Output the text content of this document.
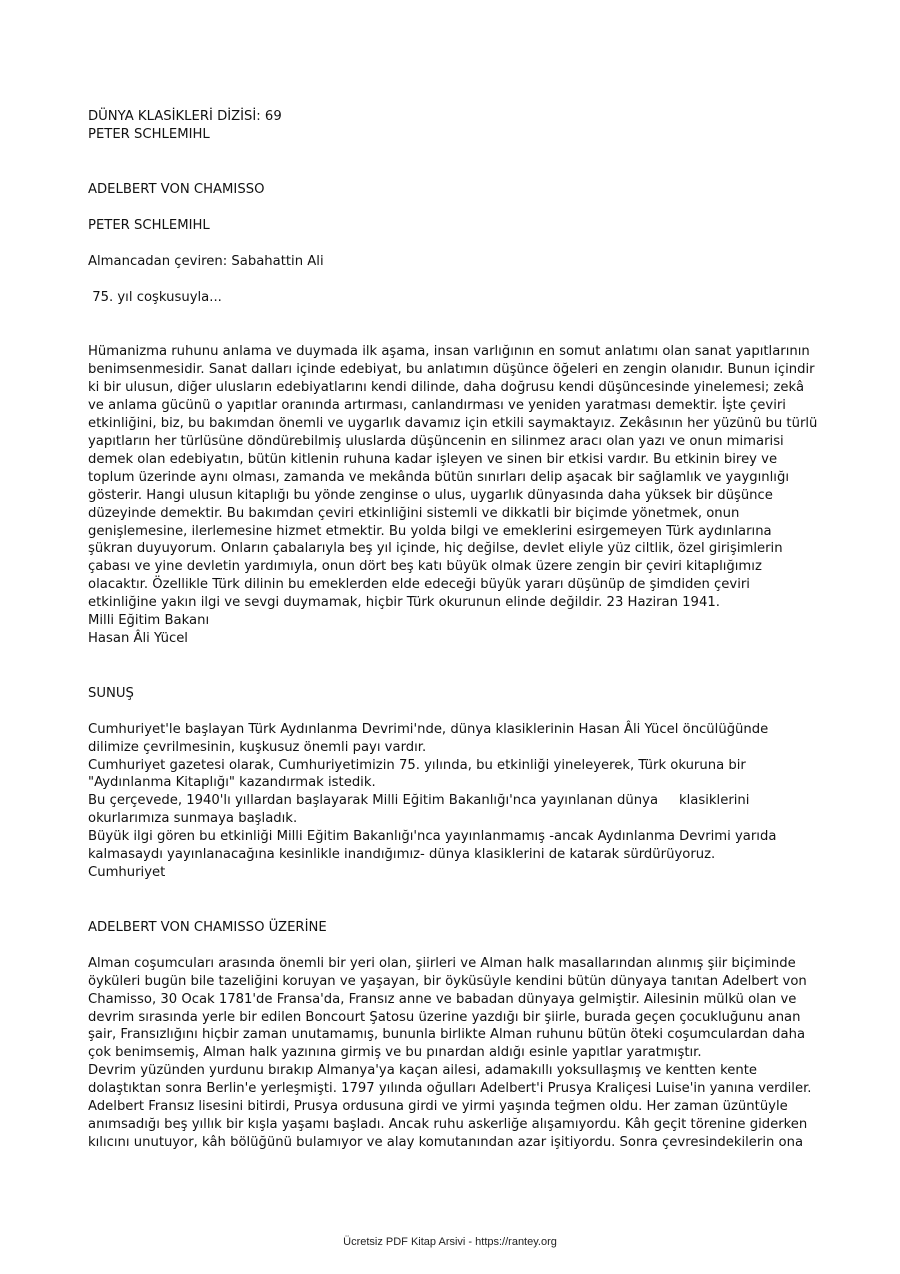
DÜNYA KLASİKLERİ DİZİSİ: 69

PETER SCHLEMIHL

ADELBERT VON CHAMISSO

PETER SCHLEMIHL

Almancadan çeviren: Sabahattin Ali

75. yıl coşkusuyla...

Hümanizma ruhunu anlama ve duymada ilk aşama, insan varlığının en somut anlatımı olan sanat yapıtlarının benimsenmesidir. Sanat dalları içinde edebiyat, bu anlatımın düşünce öğeleri en zengin olanıdır. Bunun içindir ki bir ulusun, diğer ulusların edebiyatlarını kendi dilinde, daha doğrusu kendi düşüncesinde yinelemesi; zekâ ve anlama gücünü o yapıtlar oranında artırması, canlandırması ve yeniden yaratması demektir. İşte çeviri etkinliğini, biz, bu bakımdan önemli ve uygarlık davamız için etkili saymaktayız. Zekâsının her yüzünü bu türlü yapıtların her türlüsüne döndürebilmiş uluslarda düşüncenin en silinmez aracı olan yazı ve onun mimarisi demek olan edebiyatın, bütün kitlenin ruhuna kadar işleyen ve sinen bir etkisi vardır. Bu etkinin birey ve toplum üzerinde aynı olması, zamanda ve mekânda bütün sınırları delip aşacak bir sağlamlık ve yaygınlığı gösterir. Hangi ulusun kitaplığı bu yönde zenginse o ulus, uygarlık dünyasında daha yüksek bir düşünce düzeyinde demektir. Bu bakımdan çeviri etkinliğini sistemli ve dikkatli bir biçimde yönetmek, onun genişlemesine, ilerlemesine hizmet etmektir. Bu yolda bilgi ve emeklerini esirgemeyen Türk aydınlarına şükran duyuyorum. Onların çabalarıyla beş yıl içinde, hiç değilse, devlet eliyle yüz ciltlik, özel girişimlerin çabası ve yine devletin yardımıyla, onun dört beş katı büyük olmak üzere zengin bir çeviri kitaplığımız olacaktır. Özellikle Türk dilinin bu emeklerden elde edeceği büyük yararı düşünüp de şimdiden çeviri etkinliğine yakın ilgi ve sevgi duymamak, hiçbir Türk okurunun elinde değildir. 23 Haziran 1941.

Milli Eğitim Bakanı

Hasan Âli Yücel

SUNUŞ

Cumhuriyet'le başlayan Türk Aydınlanma Devrimi'nde, dünya klasiklerinin Hasan Âli Yücel öncülüğünde dilimize çevrilmesinin, kuşkusuz önemli payı vardır.

Cumhuriyet gazetesi olarak, Cumhuriyetimizin 75. yılında, bu etkinliği yineleyerek, Türk okuruna bir "Aydınlanma Kitaplığı" kazandırmak istedik.

Bu çerçevede, 1940'lı yıllardan başlayarak Milli Eğitim Bakanlığı'nca yayınlanan dünya     klasiklerini okurlarımıza sunmaya başladık.

Büyük ilgi gören bu etkinliği Milli Eğitim Bakanlığı'nca yayınlanmamış -ancak Aydınlanma Devrimi yarıda kalmasaydı yayınlanacağına kesinlikle inandığımız- dünya klasiklerini de katarak sürdürüyoruz.

Cumhuriyet

ADELBERT VON CHAMISSO ÜZERİNE

Alman coşumcuları arasında önemli bir yeri olan, şiirleri ve Alman halk masallarından alınmış şiir biçiminde öyküleri bugün bile tazeliğini koruyan ve yaşayan, bir öyküsüyle kendini bütün dünyaya tanıtan Adelbert von Chamisso, 30 Ocak 1781'de Fransa'da, Fransız anne ve babadan dünyaya gelmiştir. Ailesinin mülkü olan ve devrim sırasında yerle bir edilen Boncourt Şatosu üzerine yazdığı bir şiirle, burada geçen çocukluğunu anan şair, Fransızlığını hiçbir zaman unutamamış, bununla birlikte Alman ruhunu bütün öteki coşumculardan daha çok benimsemiş, Alman halk yazınına girmiş ve bu pınardan aldığı esinle yapıtlar yaratmıştır.

Devrim yüzünden yurdunu bırakıp Almanya'ya kaçan ailesi, adamakıllı yoksullaşmış ve kentten kente dolaştıktan sonra Berlin'e yerleşmişti. 1797 yılında oğulları Adelbert'i Prusya Kraliçesi Luise'in yanına verdiler. Adelbert Fransız lisesini bitirdi, Prusya ordusuna girdi ve yirmi yaşında teğmen oldu. Her zaman üzüntüyle anımsadığı beş yıllık bir kışla yaşamı başladı. Ancak ruhu askerliğe alışamıyordu. Kâh geçit törenine giderken kılıcını unutuyor, kâh bölüğünü bulamıyor ve alay komutanından azar işitiyordu. Sonra çevresindekilerin ona

Ücretsiz PDF Kitap Arsivi - https://rantey.org
